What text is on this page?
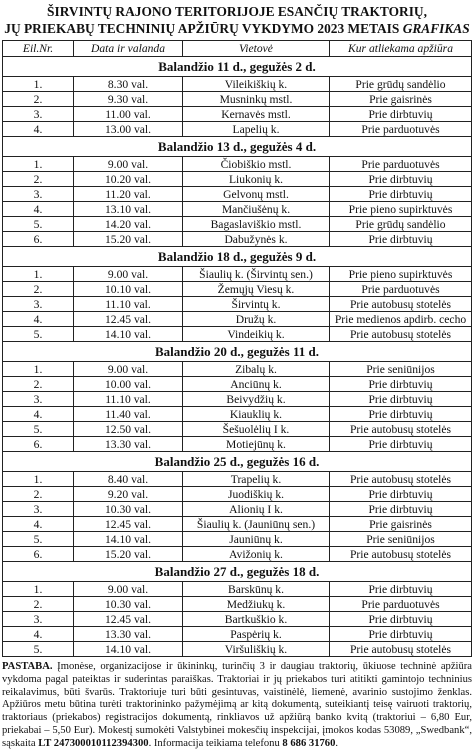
ŠIRVINTŲ RAJONO TERITORIJOJE ESANČIŲ TRAKTORIŲ,
JŲ PRIEKABŲ TECHNINIŲ APŽIŪRŲ VYKDYMO 2023 METAIS GRAFIKAS
Eil.Nr.	Data ir valanda	Vietovė	Kur atliekama apžiūra
Balandžio 11 d., gegužės 2 d.			
1.	8.30 val.	Vileikiškių k.	Prie grūdų sandėlio
2.	9.30 val.	Musninkų mstl.	Prie gaisrinės
3.	11.00 val.	Kernavės mstl.	Prie dirbtuvių
4.	13.00 val.	Lapelių k.	Prie parduotuvės
Balandžio 13 d., gegužės 4 d.			
1.	9.00 val.	Čiobiškio mstl.	Prie parduotuvės
2.	10.20 val.	Liukonių k.	Prie dirbtuvių
3.	11.20 val.	Gelvonų mstl.	Prie dirbtuvių
4.	13.10 val.	Mančiušėnų k.	Prie pieno supirktuvės
5.	14.20 val.	Bagaslaviškio mstl.	Prie grūdų sandėlio
6.	15.20 val.	Dabužynės k.	Prie dirbtuvių
Balandžio 18 d., gegužės 9 d.			
1.	9.00 val.	Šiaulių k. (Širvintų sen.)	Prie pieno supirktuvės
2.	10.10 val.	Žemųjų Viesų k.	Prie parduotuvės
3.	11.10 val.	Širvintų k.	Prie autobusų stotelės
4.	12.45 val.	Družų k.	Prie medienos apdirb. cecho
5.	14.10 val.	Vindeikių k.	Prie autobusų stotelės
Balandžio 20 d., gegužės 11 d.			
1.	9.00 val.	Zibalų k.	Prie seniūnijos
2.	10.00 val.	Anciūnų k.	Prie dirbtuvių
3.	11.10 val.	Beivydžių k.	Prie dirbtuvių
4.	11.40 val.	Kiauklių k.	Prie dirbtuvių
5.	12.50 val.	Šešuolėlių I k.	Prie autobusų stotelės
6.	13.30 val.	Motiejūnų k.	Prie dirbtuvių
Balandžio 25 d., gegužės 16 d.			
1.	8.40 val.	Trapelių k.	Prie autobusų stotelės
2.	9.20 val.	Juodiškių k.	Prie dirbtuvių
3.	10.30 val.	Alionių I k.	Prie dirbtuvių
4.	12.45 val.	Šiaulių k. (Jauniūnų sen.)	Prie gaisrinės
5.	14.10 val.	Jauniūnų k.	Prie seniūnijos
6.	15.20 val.	Avižonių k.	Prie autobusų stotelės
Balandžio 27 d., gegužės 18 d.			
1.	9.00 val.	Barskūnų k.	Prie dirbtuvių
2.	10.30 val.	Medžiukų k.	Prie parduotuvės
3.	12.45 val.	Bartkuškio k.	Prie dirbtuvių
4.	13.30 val.	Paspėrių k.	Prie dirbtuvių
5.	14.10 val.	Viršuliškių k.	Prie autobusų stotelės
PASTABA. Įmonėse, organizacijose ir ūkininkų, turinčių 3 ir daugiau traktorių, ūkiuose techninė apžiūra vykdoma pagal pateiktas ir suderintas paraiškas. Traktoriai ir jų priekabos turi atitikti gamintojo techninius reikalavimus, būti švarūs. Traktoriuje turi būti gesintuvas, vaistinėlė, liemenė, avarinio sustojimo ženklas. Apžiūros metu būtina turėti traktorininko pažymėjimą ar kitą dokumentą, suteikiantį teisę vairuoti traktorių, traktoriaus (priekabos) registracijos dokumentą, rinkliavos už apžiūrą banko kvitą (traktoriui – 6,80 Eur, priekabai – 5,50 Eur). Mokestį sumokėti Valstybinei mokesčių inspekcijai, įmokos kodas 53089, „Swedbank“, sąskaita LT 247300010112394300. Informacija teikiama telefonu 8 686 31760.
